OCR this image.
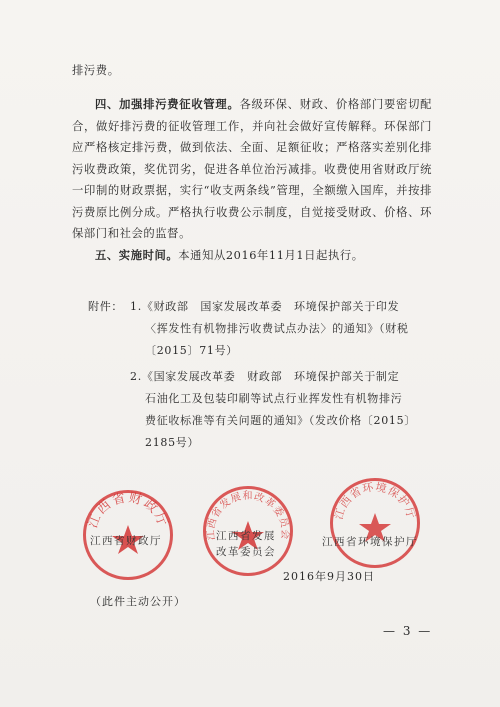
排污费。
四、加强排污费征收管理。各级环保、财政、价格部门要密切配合，做好排污费的征收管理工作，并向社会做好宣传解释。环保部门应严格核定排污费，做到依法、全面、足额征收；严格落实差别化排污收费政策，奖优罚劣，促进各单位治污减排。收费使用省财政厅统一印制的财政票据，实行“收支两条线”管理，全额缴入国库，并按排污费原比例分成。严格执行收费公示制度，自觉接受财政、价格、环保部门和社会的监督。
五、实施时间。本通知从2016年11月1日起执行。
附件： 1.《财政部　国家发展改革委　环境保护部关于印发
〈挥发性有机物排污收费试点办法〉的通知》（财税
〔2015〕71号）
2.《国家发展改革委　财政部　环境保护部关于制定
石油化工及包装印刷等试点行业挥发性有机物排污
费征收标准等有关问题的通知》（发改价格〔2015〕
2185号）
江西省财政厅
江西省发展和改革委员会
江西省环境保护厅
江西省财政厅	江西省发展
改革委员会
江西省环境保护厅
2016年9月30日
（此件主动公开）
— 3 —
